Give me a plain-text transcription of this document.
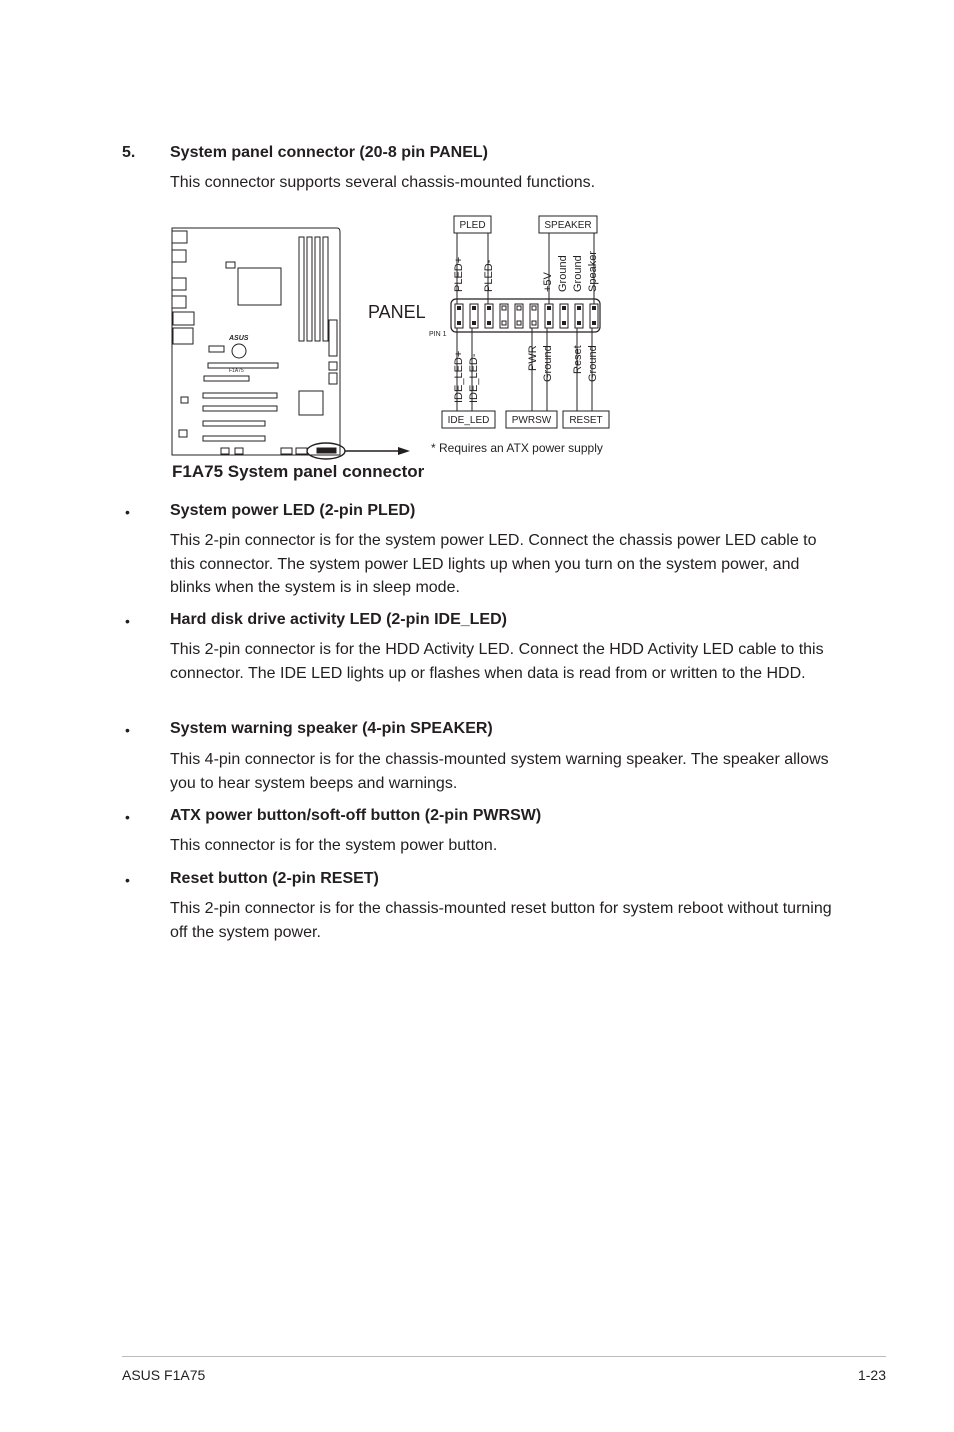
5. System panel connector (20-8 pin PANEL)
This connector supports several chassis-mounted functions.
ASUS
F1A75
PANEL
PIN 1
PLED	SPEAKER
PLED+ PLED-	+5V Ground Ground Speaker
IDE_LED+ IDE_LED-	PWR Ground Reset Ground
IDE_LED PWRSW RESET
* Requires an ATX power supply
F1A75 System panel connector
•	System power LED (2-pin PLED)
This 2-pin connector is for the system power LED. Connect the chassis power LED cable to this connector. The system power LED lights up when you turn on the system power, and blinks when the system is in sleep mode.
•	Hard disk drive activity LED (2-pin IDE_LED)
This 2-pin connector is for the HDD Activity LED. Connect the HDD Activity LED cable to this connector. The IDE LED lights up or flashes when data is read from or written to the HDD.
•	System warning speaker (4-pin SPEAKER)
This 4-pin connector is for the chassis-mounted system warning speaker. The speaker allows you to hear system beeps and warnings.
•	ATX power button/soft-off button (2-pin PWRSW)
This connector is for the system power button.
•	Reset button (2-pin RESET)
This 2-pin connector is for the chassis-mounted reset button for system reboot without turning off the system power.
ASUS F1A75	1-23
